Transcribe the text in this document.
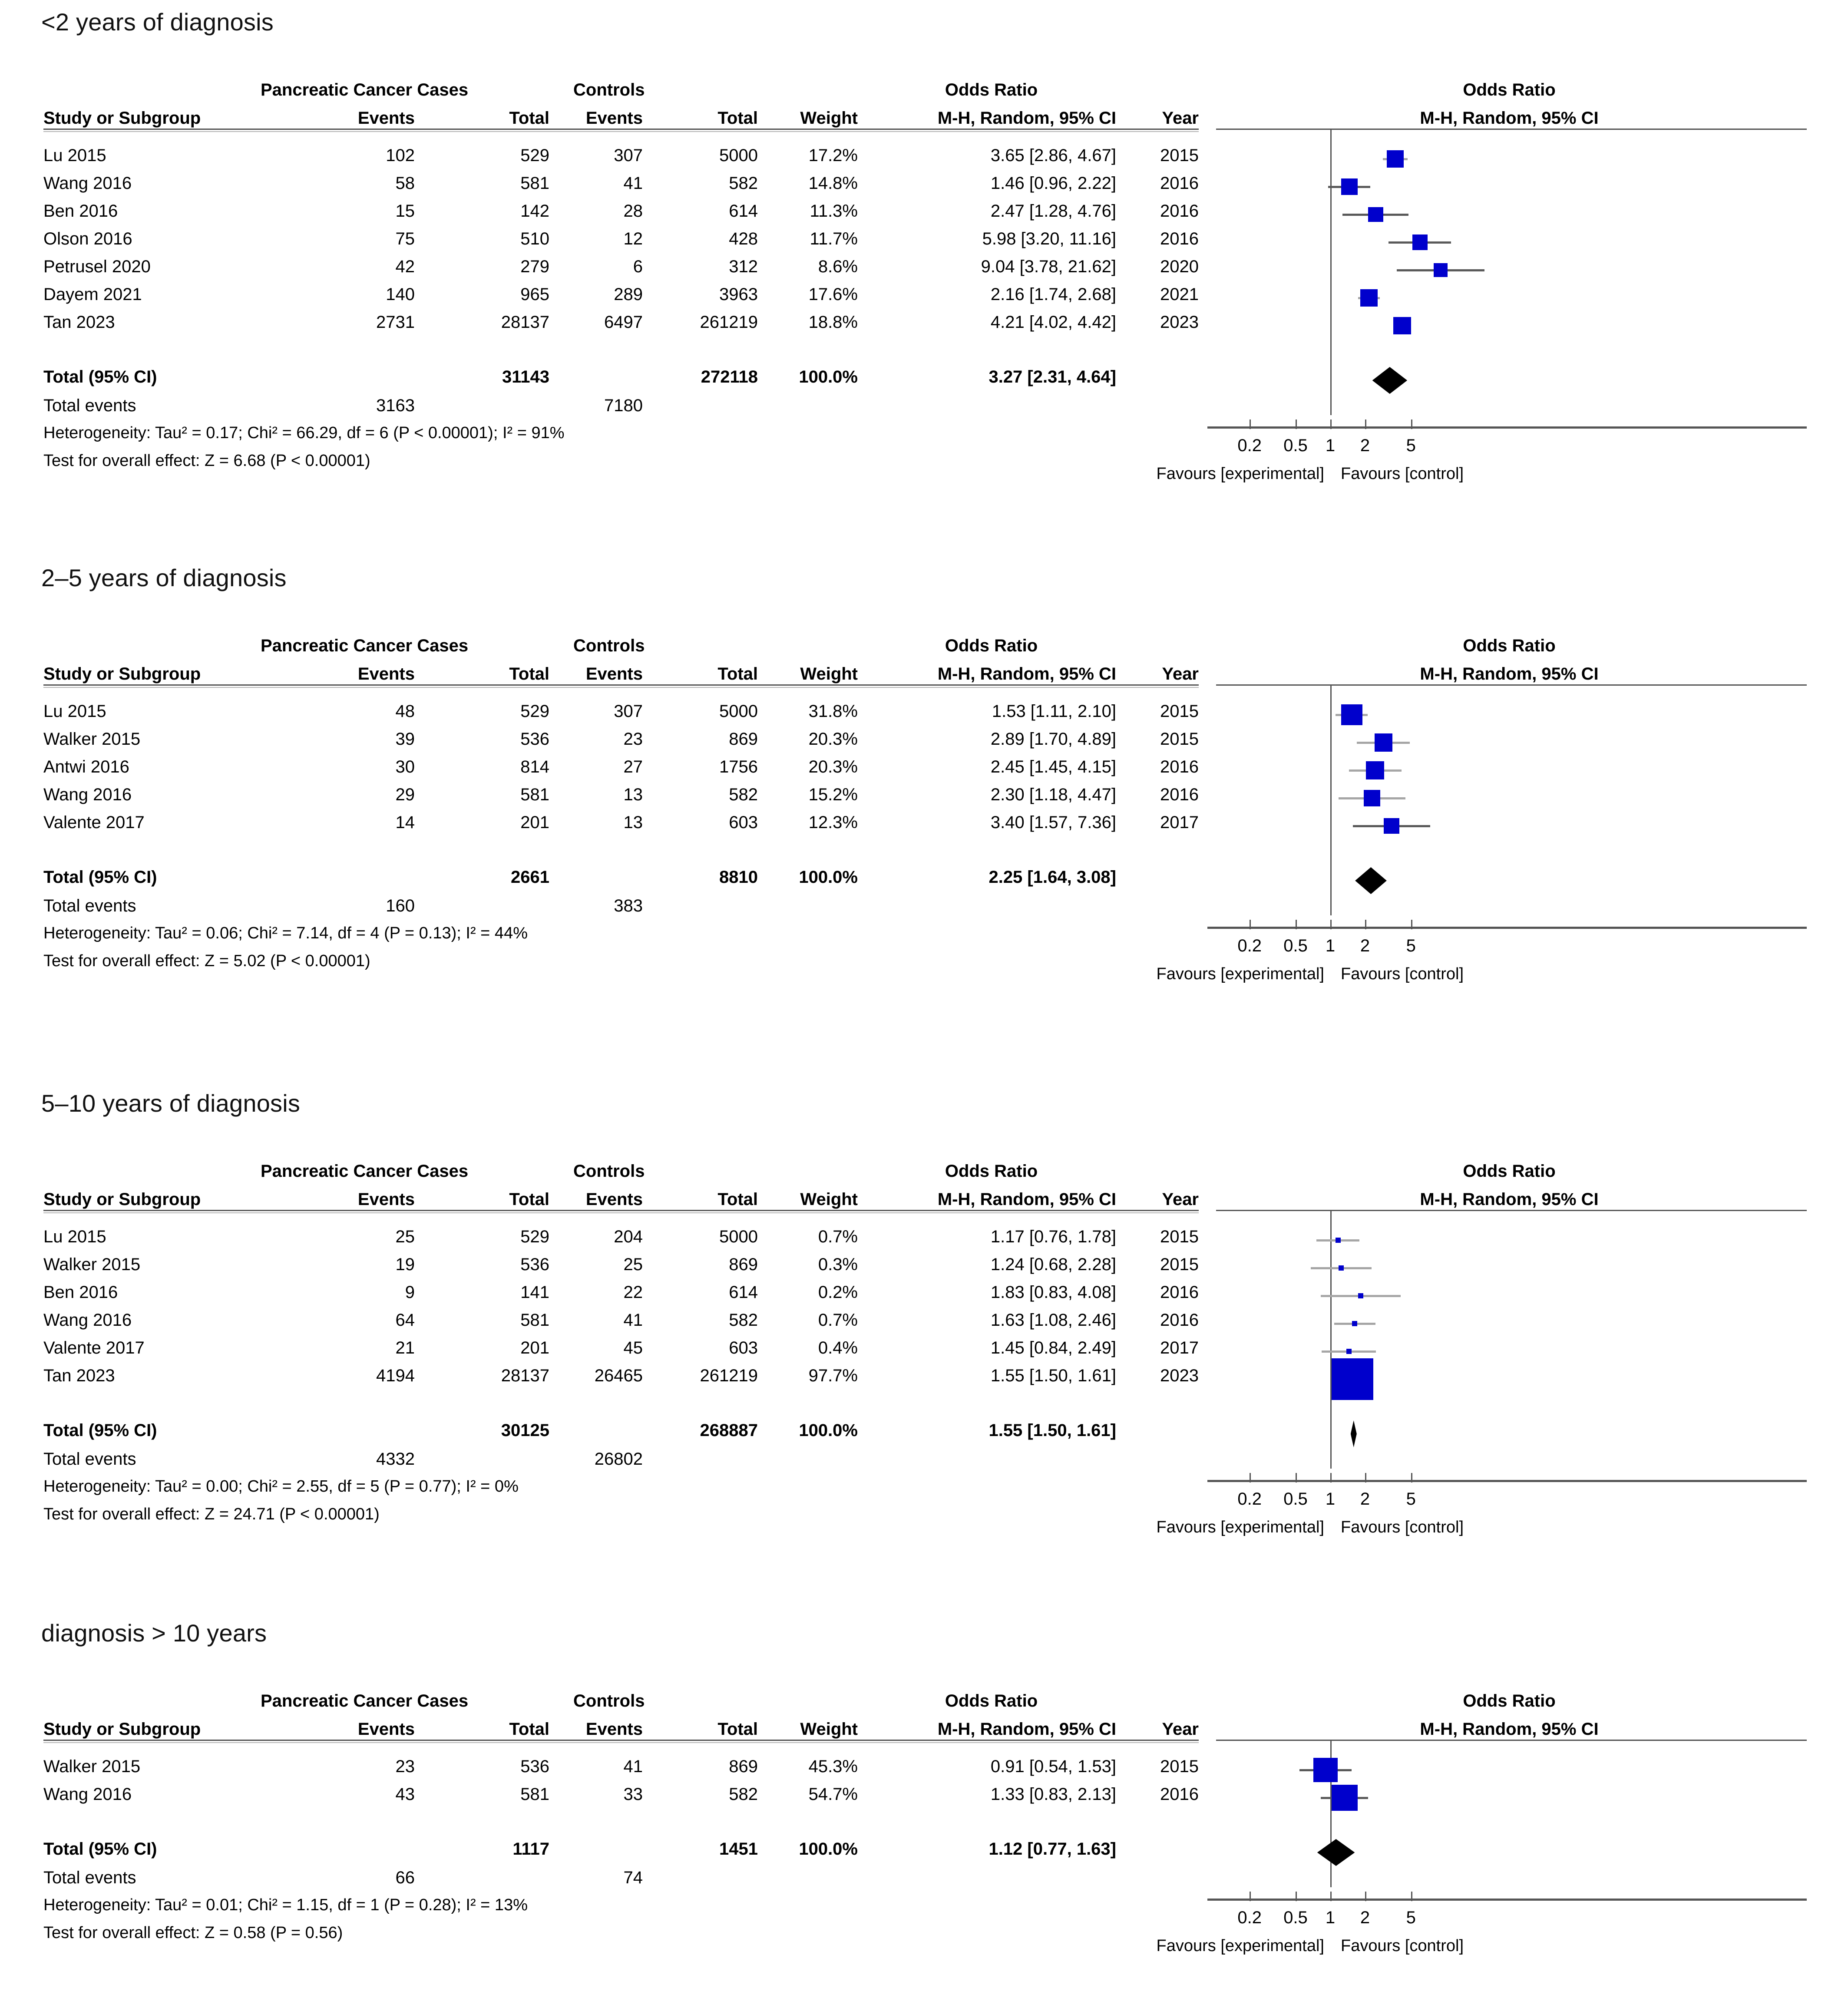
<2 years of diagnosis
Pancreatic Cancer Cases	Controls	Odds Ratio
Study or Subgroup	Events	Total	Events	Total	Weight	M-H, Random, 95% CI	Year
Odds Ratio
M-H, Random, 95% CI
Lu 2015	102	529	307	5000	17.2%	3.65 [2.86, 4.67]	2015
Wang 2016	58	581	41	582	14.8%	1.46 [0.96, 2.22]	2016
Ben 2016	15	142	28	614	11.3%	2.47 [1.28, 4.76]	2016
Olson 2016	75	510	12	428	11.7%	5.98 [3.20, 11.16]	2016
Petrusel 2020	42	279	6	312	8.6%	9.04 [3.78, 21.62]	2020
Dayem 2021	140	965	289	3963	17.6%	2.16 [1.74, 2.68]	2021
Tan 2023	2731	28137	6497	261219	18.8%	4.21 [4.02, 4.42]	2023
Total (95% CI)	31143	272118	100.0%	3.27 [2.31, 4.64]
Total events	3163	7180
Heterogeneity: Tau² = 0.17; Chi² = 66.29, df = 6 (P < 0.00001); I² = 91%
Test for overall effect: Z = 6.68 (P < 0.00001)
0.2	0.5	1	2	5
Favours [experimental] Favours [control]
2–5 years of diagnosis
Pancreatic Cancer Cases	Controls	Odds Ratio
Study or Subgroup	Events	Total	Events	Total	Weight	M-H, Random, 95% CI	Year
Odds Ratio
M-H, Random, 95% CI
Lu 2015	48	529	307	5000	31.8%	1.53 [1.11, 2.10]	2015
Walker 2015	39	536	23	869	20.3%	2.89 [1.70, 4.89]	2015
Antwi 2016	30	814	27	1756	20.3%	2.45 [1.45, 4.15]	2016
Wang 2016	29	581	13	582	15.2%	2.30 [1.18, 4.47]	2016
Valente 2017	14	201	13	603	12.3%	3.40 [1.57, 7.36]	2017
Total (95% CI)	2661	8810	100.0%	2.25 [1.64, 3.08]
Total events	160	383
Heterogeneity: Tau² = 0.06; Chi² = 7.14, df = 4 (P = 0.13); I² = 44%
Test for overall effect: Z = 5.02 (P < 0.00001)
0.2	0.5	1	2	5
Favours [experimental] Favours [control]
5–10 years of diagnosis
Pancreatic Cancer Cases	Controls	Odds Ratio
Study or Subgroup	Events	Total	Events	Total	Weight	M-H, Random, 95% CI	Year
Odds Ratio
M-H, Random, 95% CI
Lu 2015	25	529	204	5000	0.7%	1.17 [0.76, 1.78]	2015
Walker 2015	19	536	25	869	0.3%	1.24 [0.68, 2.28]	2015
Ben 2016	9	141	22	614	0.2%	1.83 [0.83, 4.08]	2016
Wang 2016	64	581	41	582	0.7%	1.63 [1.08, 2.46]	2016
Valente 2017	21	201	45	603	0.4%	1.45 [0.84, 2.49]	2017
Tan 2023	4194	28137	26465	261219	97.7%	1.55 [1.50, 1.61]	2023
Total (95% CI)	30125	268887	100.0%	1.55 [1.50, 1.61]
Total events	4332	26802
Heterogeneity: Tau² = 0.00; Chi² = 2.55, df = 5 (P = 0.77); I² = 0%
Test for overall effect: Z = 24.71 (P < 0.00001)
0.2	0.5	1	2	5
Favours [experimental] Favours [control]
diagnosis > 10 years
Pancreatic Cancer Cases	Controls	Odds Ratio
Study or Subgroup	Events	Total	Events	Total	Weight	M-H, Random, 95% CI	Year
Odds Ratio
M-H, Random, 95% CI
Walker 2015	23	536	41	869	45.3%	0.91 [0.54, 1.53]	2015
Wang 2016	43	581	33	582	54.7%	1.33 [0.83, 2.13]	2016
Total (95% CI)	1117	1451	100.0%	1.12 [0.77, 1.63]
Total events	66	74
Heterogeneity: Tau² = 0.01; Chi² = 1.15, df = 1 (P = 0.28); I² = 13%
Test for overall effect: Z = 0.58 (P = 0.56)
0.2	0.5	1	2	5
Favours [experimental] Favours [control]
